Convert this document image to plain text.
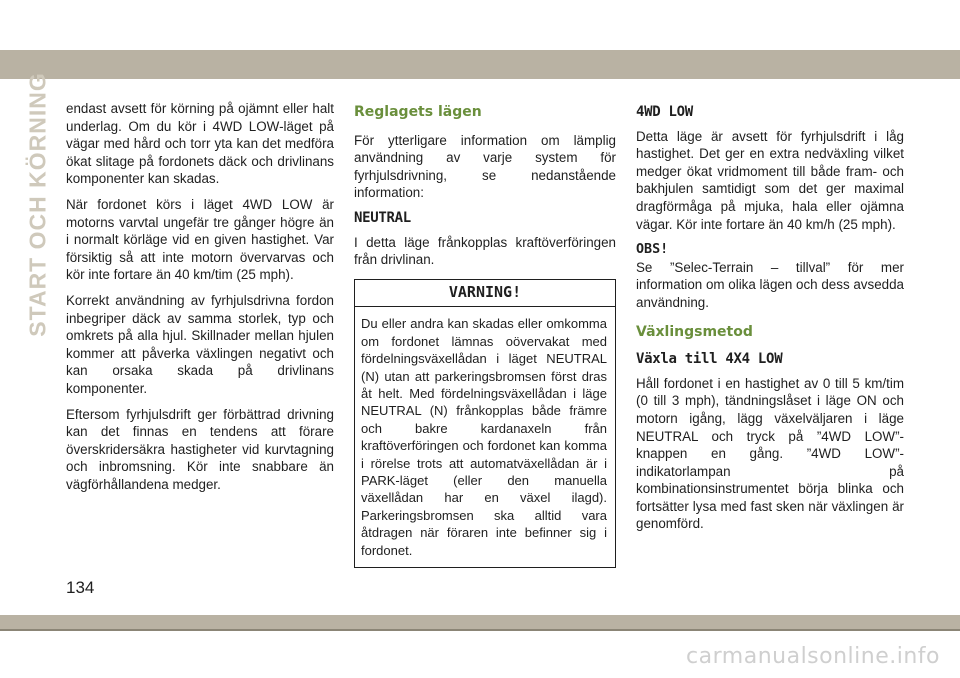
START OCH KÖRNING endast avsett för körning på ojämnt eller halt underlag. Om du kör i 4WD LOW-läget på vägar med hård och torr yta kan det medföra ökat slitage på fordonets däck och drivlinans komponenter kan skadas.

När fordonet körs i läget 4WD LOW är motorns varvtal ungefär tre gånger högre än i normalt körläge vid en given hastighet. Var försiktig så att inte motorn övervarvas och kör inte fortare än 40 km/tim (25 mph).

Korrekt användning av fyrhjulsdrivna fordon inbegriper däck av samma storlek, typ och omkrets på alla hjul. Skillnader mellan hjulen kommer att påverka växlingen negativt och kan orsaka skada på drivlinans komponenter.

Eftersom fyrhjulsdrift ger förbättrad drivning kan det finnas en tendens att förare överskridersäkra hastigheter vid kurvtagning och inbromsning. Kör inte snabbare än vägförhållandena medger.

Reglagets lägen

För ytterligare information om lämplig användning av varje system för fyrhjulsdrivning, se nedanstående information:

NEUTRAL

I detta läge frånkopplas kraftöverföringen från drivlinan.

VARNING!
Du eller andra kan skadas eller omkomma om fordonet lämnas oövervakat med fördelningsväxellådan i läget NEUTRAL (N) utan att parkeringsbromsen först dras åt helt. Med fördelningsväxellådan i läge NEUTRAL (N) frånkopplas både främre och bakre kardanaxeln från kraftöverföringen och fordonet kan komma i rörelse trots att automatväxellådan är i PARK-läget (eller den manuella växellådan har en växel ilagd). Parkeringsbromsen ska alltid vara åtdragen när föraren inte befinner sig i fordonet.
4WD LOW

Detta läge är avsett för fyrhjulsdrift i låg hastighet. Det ger en extra nedväxling vilket medger ökat vridmoment till både fram- och bakhjulen samtidigt som det ger maximal dragförmåga på mjuka, hala eller ojämna vägar. Kör inte fortare än 40 km/h (25 mph).

OBS!

Se ”Selec-Terrain – tillval” för mer information om olika lägen och dess avsedda användning.

Växlingsmetod
Växla till 4X4 LOW

Håll fordonet i en hastighet av 0 till 5 km/tim (0 till 3 mph), tändningslåset i läge ON och motorn igång, lägg växelväljaren i läge NEUTRAL och tryck på ”4WD LOW”-knappen en gång. ”4WD LOW”-indikatorlampan på kombinationsinstrumentet börja blinka och fortsätter lysa med fast sken när växlingen är genomförd.

134
carmanualsonline.info
